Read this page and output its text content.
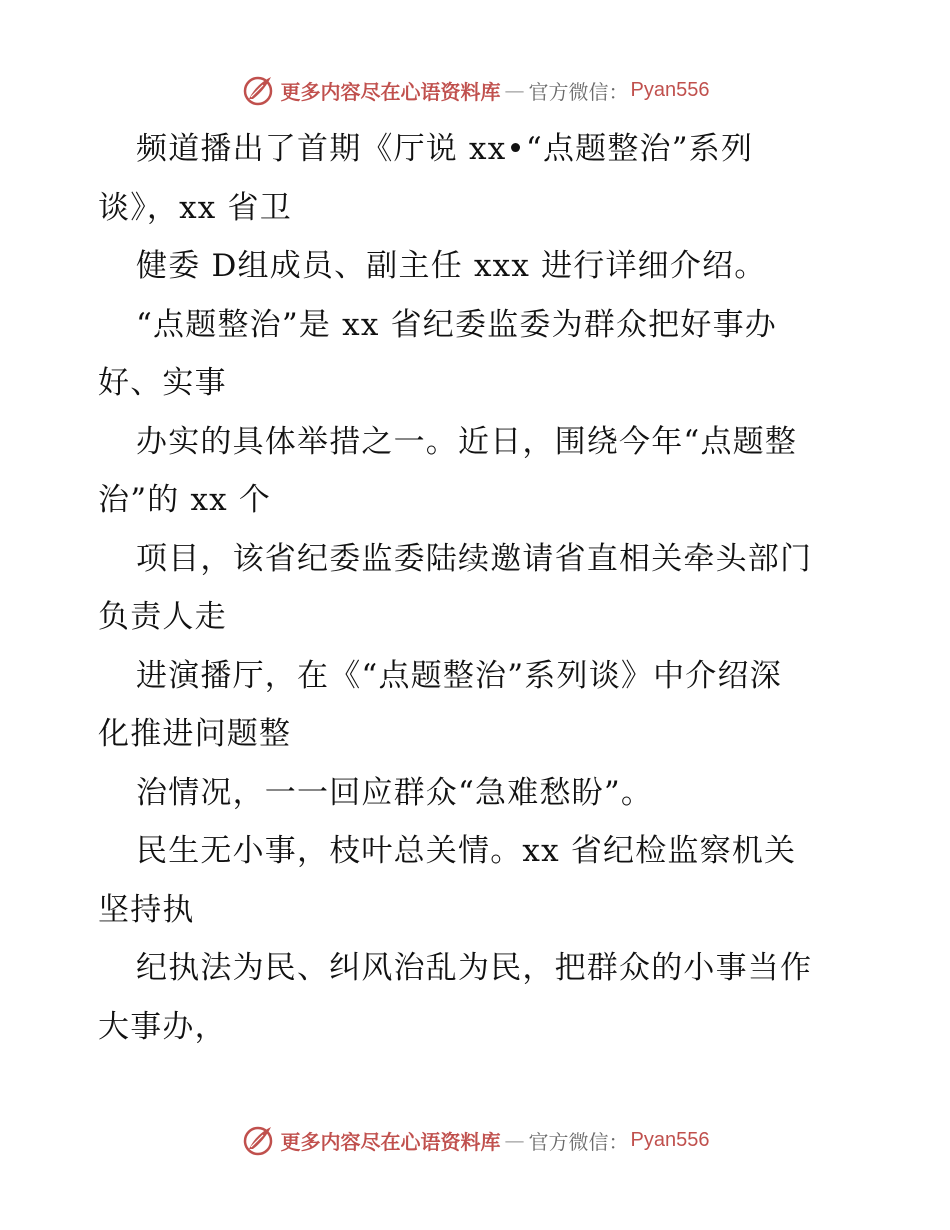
更多内容尽在心语资料库 — 官方微信： Pyan556
频道播出了首期《厅说 xx•“点题整治”系列
谈》，xx 省卫
健委 D组成员、副主任 xxx 进行详细介绍。
“点题整治”是 xx 省纪委监委为群众把好事办
好、实事
办实的具体举措之一。近日，围绕今年“点题整
治”的 xx 个
项目，该省纪委监委陆续邀请省直相关牵头部门
负责人走
进演播厅，在《“点题整治”系列谈》中介绍深
化推进问题整
治情况，一一回应群众“急难愁盼”。
民生无小事，枝叶总关情。xx 省纪检监察机关
坚持执
纪执法为民、纠风治乱为民，把群众的小事当作
大事办，
更多内容尽在心语资料库 — 官方微信： Pyan556
